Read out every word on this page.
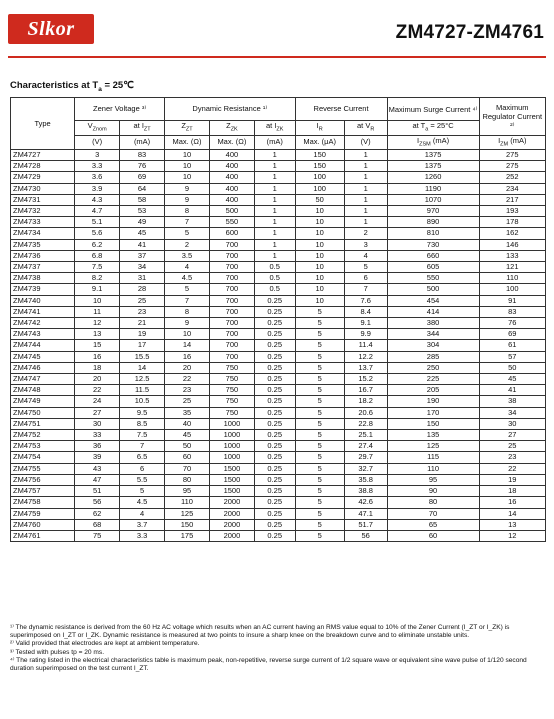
Slkor	ZM4727-ZM4761
Characteristics at $T_a$ = 25℃
Type	Zener Voltage ³⁾		Dynamic Resistance ¹⁾			Reverse Current		Maximum Surge Current ⁴⁾	Maximum Regulator Current ²⁾
	$V_{Znom}$	at $I_{ZT}$	$Z_{ZT}$	$Z_{ZK}$	at $I_{ZK}$	$I_R$	at $V_R$	at $T_a = 25^\circ C$	
	(V)	(mA)	Max. (Ω)	Max. (Ω)	(mA)	Max. (μA)	(V)	$I_{ZSM}$ (mA)	$I_{ZM}$ (mA)
ZM4727	3	83	10	400	1	150	1	1375	275
ZM4728	3.3	76	10	400	1	150	1	1375	275
ZM4729	3.6	69	10	400	1	100	1	1260	252
ZM4730	3.9	64	9	400	1	100	1	1190	234
ZM4731	4.3	58	9	400	1	50	1	1070	217
ZM4732	4.7	53	8	500	1	10	1	970	193
ZM4733	5.1	49	7	550	1	10	1	890	178
ZM4734	5.6	45	5	600	1	10	2	810	162
ZM4735	6.2	41	2	700	1	10	3	730	146
ZM4736	6.8	37	3.5	700	1	10	4	660	133
ZM4737	7.5	34	4	700	0.5	10	5	605	121
ZM4738	8.2	31	4.5	700	0.5	10	6	550	110
ZM4739	9.1	28	5	700	0.5	10	7	500	100
ZM4740	10	25	7	700	0.25	10	7.6	454	91
ZM4741	11	23	8	700	0.25	5	8.4	414	83
ZM4742	12	21	9	700	0.25	5	9.1	380	76
ZM4743	13	19	10	700	0.25	5	9.9	344	69
ZM4744	15	17	14	700	0.25	5	11.4	304	61
ZM4745	16	15.5	16	700	0.25	5	12.2	285	57
ZM4746	18	14	20	750	0.25	5	13.7	250	50
ZM4747	20	12.5	22	750	0.25	5	15.2	225	45
ZM4748	22	11.5	23	750	0.25	5	16.7	205	41
ZM4749	24	10.5	25	750	0.25	5	18.2	190	38
ZM4750	27	9.5	35	750	0.25	5	20.6	170	34
ZM4751	30	8.5	40	1000	0.25	5	22.8	150	30
ZM4752	33	7.5	45	1000	0.25	5	25.1	135	27
ZM4753	36	7	50	1000	0.25	5	27.4	125	25
ZM4754	39	6.5	60	1000	0.25	5	29.7	115	23
ZM4755	43	6	70	1500	0.25	5	32.7	110	22
ZM4756	47	5.5	80	1500	0.25	5	35.8	95	19
ZM4757	51	5	95	1500	0.25	5	38.8	90	18
ZM4758	56	4.5	110	2000	0.25	5	42.6	80	16
ZM4759	62	4	125	2000	0.25	5	47.1	70	14
ZM4760	68	3.7	150	2000	0.25	5	51.7	65	13
ZM4761	75	3.3	175	2000	0.25	5	56	60	12

¹⁾ The dynamic resistance is derived from the 60 Hz AC voltage which results when an AC current having an RMS value equal to 10% of the Zener Current (I_ZT or I_ZK) is superimposed on I_ZT or I_ZK. Dynamic resistance is measured at two points to insure a sharp knee on the breakdown curve and to eliminate unstable units.

²⁾ Valid provided that electrodes are kept at ambient temperature.

³⁾ Tested with pulses tp = 20 ms.

⁴⁾ The rating listed in the electrical characteristics table is maximum peak, non-repetitive, reverse surge current of 1/2 square wave or equivalent sine wave pulse of 1/120 second duration superimposed on the test current I_ZT.
